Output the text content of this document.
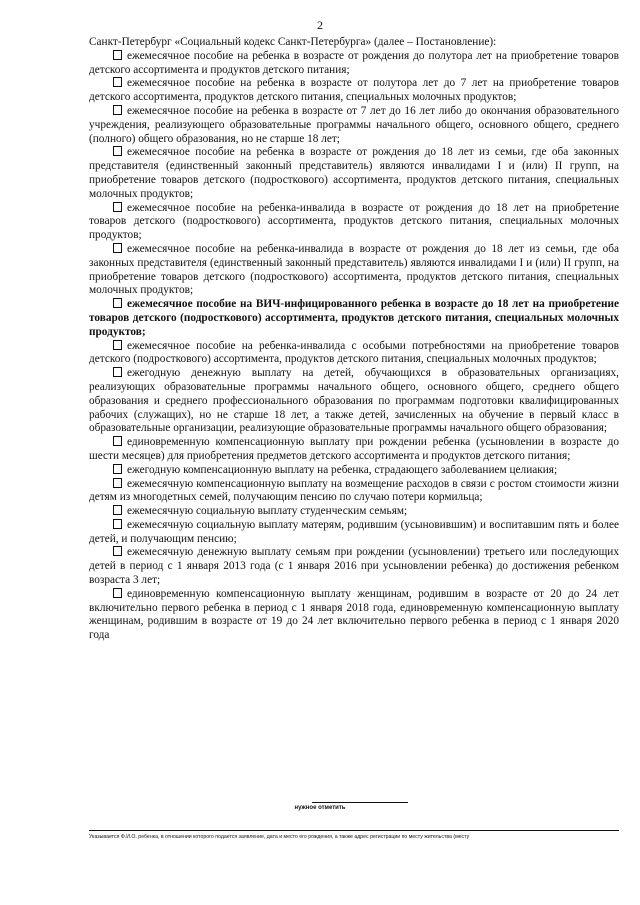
2

Санкт-Петербург «Социальный кодекс Санкт-Петербурга» (далее – Постановление):

ежемесячное пособие на ребенка в возрасте от рождения до полутора лет на приобретение товаров детского ассортимента и продуктов детского питания;

ежемесячное пособие на ребенка в возрасте от полутора лет до 7 лет на приобретение товаров детского ассортимента, продуктов детского питания, специальных молочных продуктов;

ежемесячное пособие на ребенка в возрасте от 7 лет до 16 лет либо до окончания образовательного учреждения, реализующего образовательные программы начального общего, основного общего, среднего (полного) общего образования, но не старше 18 лет;

ежемесячное пособие на ребенка в возрасте от рождения до 18 лет из семьи, где оба законных представителя (единственный законный представитель) являются инвалидами I и (или) II групп, на приобретение товаров детского (подросткового) ассортимента, продуктов детского питания, специальных молочных продуктов;

ежемесячное пособие на ребенка-инвалида в возрасте от рождения до 18 лет на приобретение товаров детского (подросткового) ассортимента, продуктов детского питания, специальных молочных продуктов;

ежемесячное пособие на ребенка-инвалида в возрасте от рождения до 18 лет из семьи, где оба законных представителя (единственный законный представитель) являются инвалидами I и (или) II групп, на приобретение товаров детского (подросткового) ассортимента, продуктов детского питания, специальных молочных продуктов;

ежемесячное пособие на ВИЧ-инфицированного ребенка в возрасте до 18 лет на приобретение товаров детского (подросткового) ассортимента, продуктов детского питания, специальных молочных продуктов;

ежемесячное пособие на ребенка-инвалида с особыми потребностями на приобретение товаров детского (подросткового) ассортимента, продуктов детского питания, специальных молочных продуктов;

ежегодную денежную выплату на детей, обучающихся в образовательных организациях, реализующих образовательные программы начального общего, основного общего, среднего общего образования и среднего профессионального образования по программам подготовки квалифицированных рабочих (служащих), но не старше 18 лет, а также детей, зачисленных на обучение в первый класс в образовательные организации, реализующие образовательные программы начального общего образования;

единовременную компенсационную выплату при рождении ребенка (усыновлении в возрасте до шести месяцев) для приобретения предметов детского ассортимента и продуктов детского питания;

ежегодную компенсационную выплату на ребенка, страдающего заболеванием целиакия;

ежемесячную компенсационную выплату на возмещение расходов в связи с ростом стоимости жизни детям из многодетных семей, получающим пенсию по случаю потери кормильца;

ежемесячную социальную выплату студенческим семьям;

ежемесячную социальную выплату матерям, родившим (усыновившим) и воспитавшим пять и более детей, и получающим пенсию;

ежемесячную денежную выплату семьям при рождении (усыновлении) третьего или последующих детей в период с 1 января 2013 года (с 1 января 2016 при усыновлении ребенка) до достижения ребенком возраста 3 лет;

единовременную компенсационную выплату женщинам, родившим в возрасте от 20 до 24 лет включительно первого ребенка в период с 1 января 2018 года, единовременную компенсационную выплату женщинам, родившим в возрасте от 19 до 24 лет включительно первого ребенка в период с 1 января 2020 года

нужное отметить
Указывается Ф.И.О. ребенка, в отношении которого подается заявление, дата и место его рождения, а также адрес регистрации по месту жительства (месту
